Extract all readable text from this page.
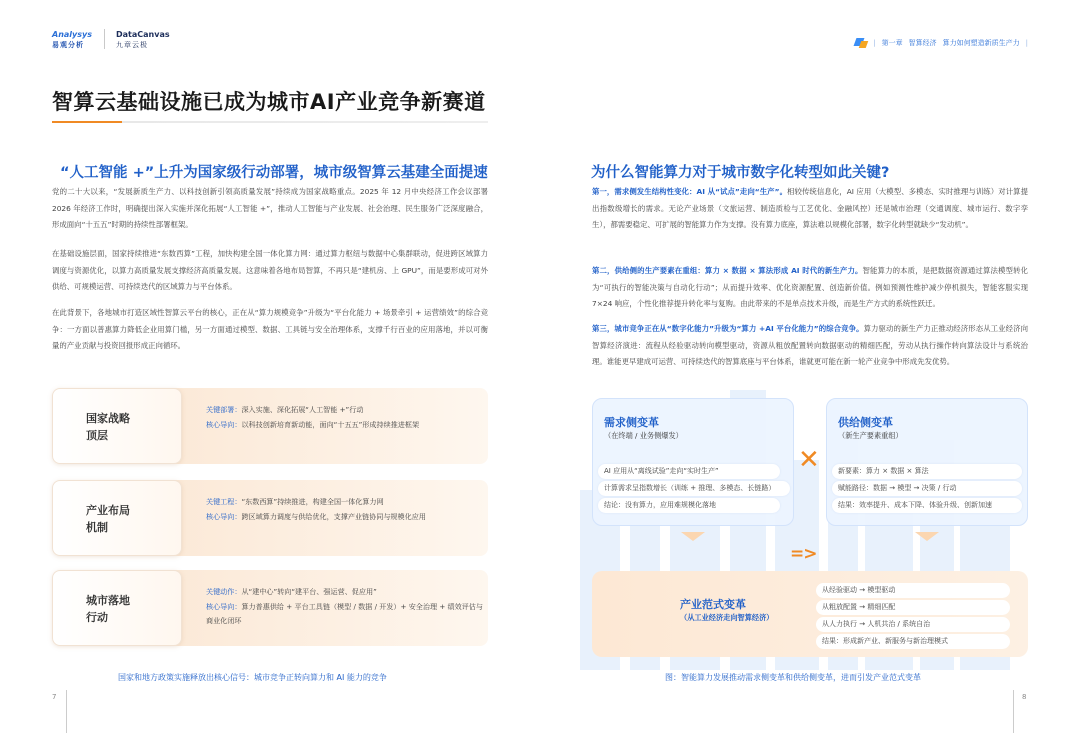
Analysys
易观分析
DataCanvas
九章云极
智算云基础设施已成为城市AI产业竞争新赛道
“人工智能 +”上升为国家级行动部署，城市级智算云基建全面提速
党的二十大以来，“发展新质生产力、以科技创新引领高质量发展”持续成为国家战略重点。2025 年 12 月中央经济工作会议部署 2026 年经济工作时，明确提出深入实施并深化拓展“人工智能 +”，推动人工智能与产业发展、社会治理、民生服务广泛深度融合，形成面向“十五五”时期的持续性部署框架。
在基础设施层面，国家持续推进“东数西算”工程，加快构建全国一体化算力网：通过算力枢纽与数据中心集群联动，促进跨区域算力调度与资源优化，以算力高质量发展支撑经济高质量发展。这意味着各地布局智算，不再只是“建机房、上 GPU”，而是要形成可对外供给、可规模运营、可持续迭代的区域算力与平台体系。
在此背景下，各地城市打造区域性智算云平台的核心，正在从“算力规模竞争”升级为“平台化能力 + 场景牵引 + 运营绩效”的综合竞争：一方面以普惠算力降低企业用算门槛，另一方面通过模型、数据、工具链与安全治理体系，支撑千行百业的应用落地，并以可衡量的产业贡献与投资回报形成正向循环。
国家战略
顶层
关键部署：深入实施、深化拓展“人工智能 +”行动
核心导向：以科技创新培育新动能，面向“十五五”形成持续推进框架
产业布局
机制
关键工程：“东数西算”持续推进，构建全国一体化算力网
核心导向：跨区域算力调度与供给优化，支撑产业链协同与规模化应用
城市落地
行动
关键动作：从“建中心”转向“建平台、强运营、促应用”
核心导向：算力普惠供给 + 平台工具链（模型 / 数据 / 开发）+ 安全治理 + 绩效评估与商业化闭环
国家和地方政策实施释放出核心信号：城市竞争正转向算力和 AI 能力的竞争
7
| 第一章 智算经济 算力如何塑造新质生产力 |
为什么智能算力对于城市数字化转型如此关键?
第一，需求侧发生结构性变化：AI 从“试点”走向“生产”。相较传统信息化，AI 应用（大模型、多模态、实时推理与训练）对计算提出指数级增长的需求。无论产业场景（文旅运营、制造质检与工艺优化、金融风控）还是城市治理（交通调度、城市运行、数字孪生），都需要稳定、可扩展的智能算力作为支撑。没有算力底座，算法难以规模化部署，数字化转型就缺少“发动机”。
第二，供给侧的生产要素在重组：算力 × 数据 × 算法形成 AI 时代的新生产力。智能算力的本质，是把数据资源通过算法模型转化为“可执行的智能决策与自动化行动”；从而提升效率、优化资源配置、创造新价值。例如预测性维护减少停机损失，智能客服实现 7×24 响应，个性化推荐提升转化率与复购。由此带来的不是单点技术升级，而是生产方式的系统性跃迁。
第三，城市竞争正在从“数字化能力”升级为“算力 +AI 平台化能力”的综合竞争。算力驱动的新生产力正推动经济形态从工业经济向智算经济演进：流程从经验驱动转向模型驱动，资源从粗放配置转向数据驱动的精细匹配，劳动从执行操作转向算法设计与系统治理。谁能更早建成可运营、可持续迭代的智算底座与平台体系，谁就更可能在新一轮产业竞争中形成先发优势。
需求侧变革
（在终端 / 业务侧爆发）
AI 应用从“离线试验”走向“实时生产”
计算需求呈指数增长（训练 + 推理、多模态、长链路）
结论：没有算力，应用难规模化落地
✕
供给侧变革
（新生产要素重组）
新要素：算力 × 数据 × 算法
赋能路径：数据 → 模型 → 决策 / 行动
结果：效率提升、成本下降、体验升级、创新加速
=>
产业范式变革
（从工业经济走向智算经济）
从经验驱动 → 模型驱动
从粗放配置 → 精细匹配
从人力执行 → 人机共治 / 系统自治
结果：形成新产业、新服务与新治理模式
图：智能算力发展推动需求侧变革和供给侧变革，进而引发产业范式变革
8
